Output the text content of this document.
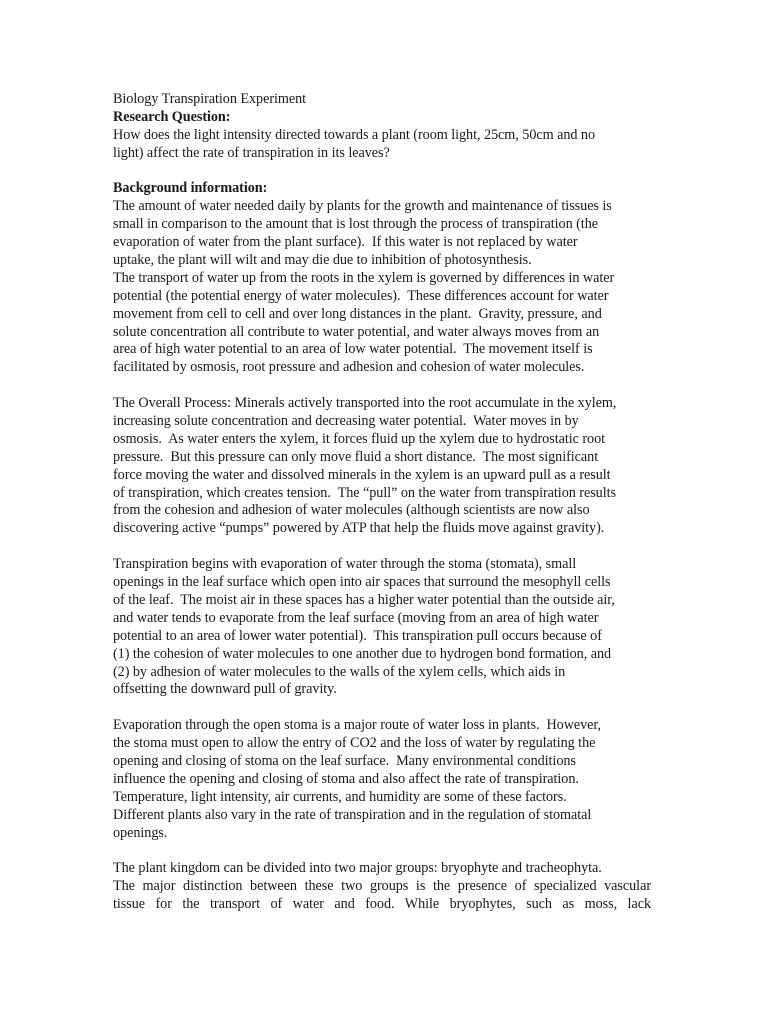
Biology Transpiration Experiment
Research Question:
How does the light intensity directed towards a plant (room light, 25cm, 50cm and no
light) affect the rate of transpiration in its leaves?
Background information:
The amount of water needed daily by plants for the growth and maintenance of tissues is
small in comparison to the amount that is lost through the process of transpiration (the
evaporation of water from the plant surface).  If this water is not replaced by water
uptake, the plant will wilt and may die due to inhibition of photosynthesis.
The transport of water up from the roots in the xylem is governed by differences in water
potential (the potential energy of water molecules).  These differences account for water
movement from cell to cell and over long distances in the plant.  Gravity, pressure, and
solute concentration all contribute to water potential, and water always moves from an
area of high water potential to an area of low water potential.  The movement itself is
facilitated by osmosis, root pressure and adhesion and cohesion of water molecules.
The Overall Process: Minerals actively transported into the root accumulate in the xylem,
increasing solute concentration and decreasing water potential.  Water moves in by
osmosis.  As water enters the xylem, it forces fluid up the xylem due to hydrostatic root
pressure.  But this pressure can only move fluid a short distance.  The most significant
force moving the water and dissolved minerals in the xylem is an upward pull as a result
of transpiration, which creates tension.  The “pull” on the water from transpiration results
from the cohesion and adhesion of water molecules (although scientists are now also
discovering active “pumps” powered by ATP that help the fluids move against gravity).
Transpiration begins with evaporation of water through the stoma (stomata), small
openings in the leaf surface which open into air spaces that surround the mesophyll cells
of the leaf.  The moist air in these spaces has a higher water potential than the outside air,
and water tends to evaporate from the leaf surface (moving from an area of high water
potential to an area of lower water potential).  This transpiration pull occurs because of
(1) the cohesion of water molecules to one another due to hydrogen bond formation, and
(2) by adhesion of water molecules to the walls of the xylem cells, which aids in
offsetting the downward pull of gravity.
Evaporation through the open stoma is a major route of water loss in plants.  However,
the stoma must open to allow the entry of CO2 and the loss of water by regulating the
opening and closing of stoma on the leaf surface.  Many environmental conditions
influence the opening and closing of stoma and also affect the rate of transpiration.
Temperature, light intensity, air currents, and humidity are some of these factors.
Different plants also vary in the rate of transpiration and in the regulation of stomatal
openings.
The plant kingdom can be divided into two major groups: bryophyte and tracheophyta.
The major distinction between these two groups is the presence of specialized vascular
tissue for the transport of water and food. While bryophytes, such as moss, lack
